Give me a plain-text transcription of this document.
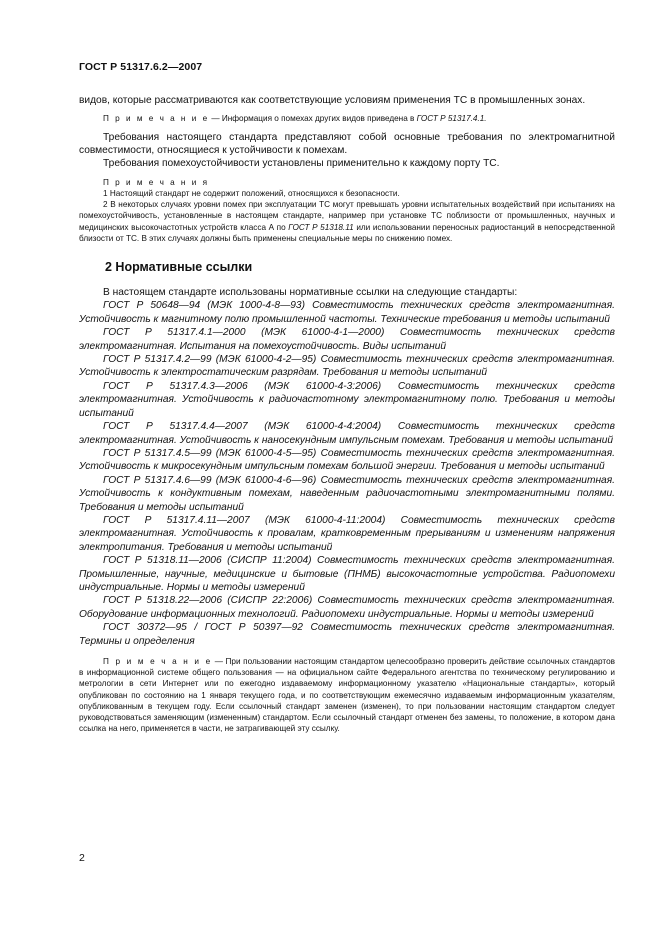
ГОСТ Р 51317.6.2—2007

видов, которые рассматриваются как соответствующие условиям применения ТС в промышленных зонах.

П р и м е ч а н и е — Информация о помехах других видов приведена в ГОСТ Р 51317.4.1.

Требования настоящего стандарта представляют собой основные требования по электромагнитной совместимости, относящиеся к устойчивости к помехам.

Требования помехоустойчивости установлены применительно к каждому порту ТС.

П р и м е ч а н и я

1 Настоящий стандарт не содержит положений, относящихся к безопасности.

2 В некоторых случаях уровни помех при эксплуатации ТС могут превышать уровни испытательных воздействий при испытаниях на помехоустойчивость, установленные в настоящем стандарте, например при установке ТС поблизости от промышленных, научных и медицинских высокочастотных устройств класса А по ГОСТ Р 51318.11 или использовании переносных радиостанций в непосредственной близости от ТС. В этих случаях должны быть применены специальные меры по снижению помех.

2 Нормативные ссылки

В настоящем стандарте использованы нормативные ссылки на следующие стандарты:

ГОСТ Р 50648—94 (МЭК 1000-4-8—93) Совместимость технических средств электромагнитная. Устойчивость к магнитному полю промышленной частоты. Технические требования и методы испытаний

ГОСТ Р 51317.4.1—2000 (МЭК 61000-4-1—2000) Совместимость технических средств электромагнитная. Испытания на помехоустойчивость. Виды испытаний

ГОСТ Р 51317.4.2—99 (МЭК 61000-4-2—95) Совместимость технических средств электромагнитная. Устойчивость к электростатическим разрядам. Требования и методы испытаний

ГОСТ Р 51317.4.3—2006 (МЭК 61000-4-3:2006) Совместимость технических средств электромагнитная. Устойчивость к радиочастотному электромагнитному полю. Требования и методы испытаний

ГОСТ Р 51317.4.4—2007 (МЭК 61000-4-4:2004) Совместимость технических средств электромагнитная. Устойчивость к наносекундным импульсным помехам. Требования и методы испытаний

ГОСТ Р 51317.4.5—99 (МЭК 61000-4-5—95) Совместимость технических средств электромагнитная. Устойчивость к микросекундным импульсным помехам большой энергии. Требования и методы испытаний

ГОСТ Р 51317.4.6—99 (МЭК 61000-4-6—96) Совместимость технических средств электромагнитная. Устойчивость к кондуктивным помехам, наведенным радиочастотными электромагнитными полями. Требования и методы испытаний

ГОСТ Р 51317.4.11—2007 (МЭК 61000-4-11:2004) Совместимость технических средств электромагнитная. Устойчивость к провалам, кратковременным прерываниям и изменениям напряжения электропитания. Требования и методы испытаний

ГОСТ Р 51318.11—2006 (СИСПР 11:2004) Совместимость технических средств электромагнитная. Промышленные, научные, медицинские и бытовые (ПНМБ) высокочастотные устройства. Радиопомехи индустриальные. Нормы и методы измерений

ГОСТ Р 51318.22—2006 (СИСПР 22:2006) Совместимость технических средств электромагнитная. Оборудование информационных технологий. Радиопомехи индустриальные. Нормы и методы измерений

ГОСТ 30372—95 / ГОСТ Р 50397—92 Совместимость технических средств электромагнитная. Термины и определения

П р и м е ч а н и е — При пользовании настоящим стандартом целесообразно проверить действие ссылочных стандартов в информационной системе общего пользования — на официальном сайте Федерального агентства по техническому регулированию и метрологии в сети Интернет или по ежегодно издаваемому информационному указателю «Национальные стандарты», который опубликован по состоянию на 1 января текущего года, и по соответствующим ежемесячно издаваемым информационным указателям, опубликованным в текущем году. Если ссылочный стандарт заменен (изменен), то при пользовании настоящим стандартом следует руководствоваться заменяющим (измененным) стандартом. Если ссылочный стандарт отменен без замены, то положение, в котором дана ссылка на него, применяется в части, не затрагивающей эту ссылку.

2
